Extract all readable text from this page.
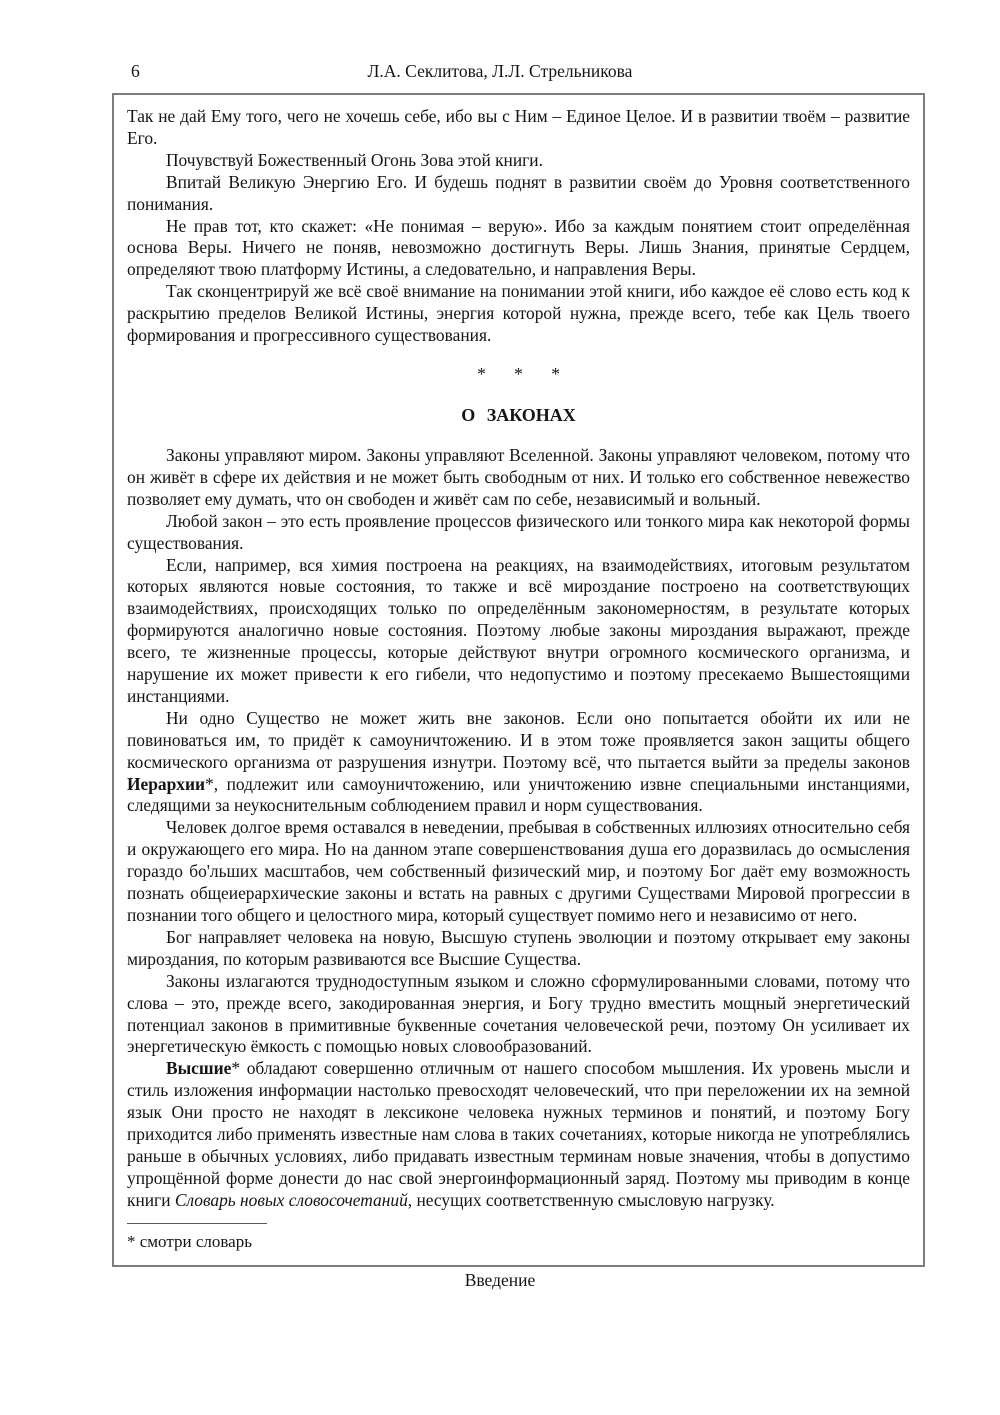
6	Л.А. Секлитова, Л.Л. Стрельникова

Так не дай Ему того, чего не хочешь себе, ибо вы с Ним – Единое Целое. И в развитии твоём – развитие Его.

Почувствуй Божественный Огонь Зова этой книги.

Впитай Великую Энергию Его. И будешь поднят в развитии своём до Уровня соответственного понимания.

Не прав тот, кто скажет: «Не понимая – верую». Ибо за каждым понятием стоит определённая основа Веры. Ничего не поняв, невозможно достигнуть Веры. Лишь Знания, принятые Сердцем, определяют твою платформу Истины, а следовательно, и направления Веры.

Так сконцентрируй же всё своё внимание на понимании этой книги, ибо каждое её слово есть код к раскрытию пределов Великой Истины, энергия которой нужна, прежде всего, тебе как Цель твоего формирования и прогрессивного существования.

* * *

О ЗАКОНАХ

Законы управляют миром. Законы управляют Вселенной. Законы управляют человеком, потому что он живёт в сфере их действия и не может быть свободным от них. И только его собственное невежество позволяет ему думать, что он свободен и живёт сам по себе, независимый и вольный.

Любой закон – это есть проявление процессов физического или тонкого мира как некоторой формы существования.

Если, например, вся химия построена на реакциях, на взаимодействиях, итоговым результатом которых являются новые состояния, то также и всё мироздание построено на соответствующих взаимодействиях, происходящих только по определённым закономерностям, в результате которых формируются аналогично новые состояния. Поэтому любые законы мироздания выражают, прежде всего, те жизненные процессы, которые действуют внутри огромного космического организма, и нарушение их может привести к его гибели, что недопустимо и поэтому пресекаемо Вышестоящими инстанциями.

Ни одно Существо не может жить вне законов. Если оно попытается обойти их или не повиноваться им, то придёт к самоуничтожению. И в этом тоже проявляется закон защиты общего космического организма от разрушения изнутри. Поэтому всё, что пытается выйти за пределы законов Иерархии*, подлежит или самоуничтожению, или уничтожению извне специальными инстанциями, следящими за неукоснительным соблюдением правил и норм существования.

Человек долгое время оставался в неведении, пребывая в собственных иллюзиях относительно себя и окружающего его мира. Но на данном этапе совершенствования душа его доразвилась до осмысления гораздо бо'льших масштабов, чем собственный физический мир, и поэтому Бог даёт ему возможность познать общеиерархические законы и встать на равных с другими Существами Мировой прогрессии в познании того общего и целостного мира, который существует помимо него и независимо от него.

Бог направляет человека на новую, Высшую ступень эволюции и поэтому открывает ему законы мироздания, по которым развиваются все Высшие Существа.

Законы излагаются труднодоступным языком и сложно сформулированными словами, потому что слова – это, прежде всего, закодированная энергия, и Богу трудно вместить мощный энергетический потенциал законов в примитивные буквенные сочетания человеческой речи, поэтому Он усиливает их энергетическую ёмкость с помощью новых словообразований.

Высшие* обладают совершенно отличным от нашего способом мышления. Их уровень мысли и стиль изложения информации настолько превосходят человеческий, что при переложении их на земной язык Они просто не находят в лексиконе человека нужных терминов и понятий, и поэтому Богу приходится либо применять известные нам слова в таких сочетаниях, которые никогда не употреблялись раньше в обычных условиях, либо придавать известным терминам новые значения, чтобы в допустимо упрощённой форме донести до нас свой энергоинформационный заряд. Поэтому мы приводим в конце книги Словарь новых словосочетаний, несущих соответственную смысловую нагрузку.

* смотри словарь

Введение
